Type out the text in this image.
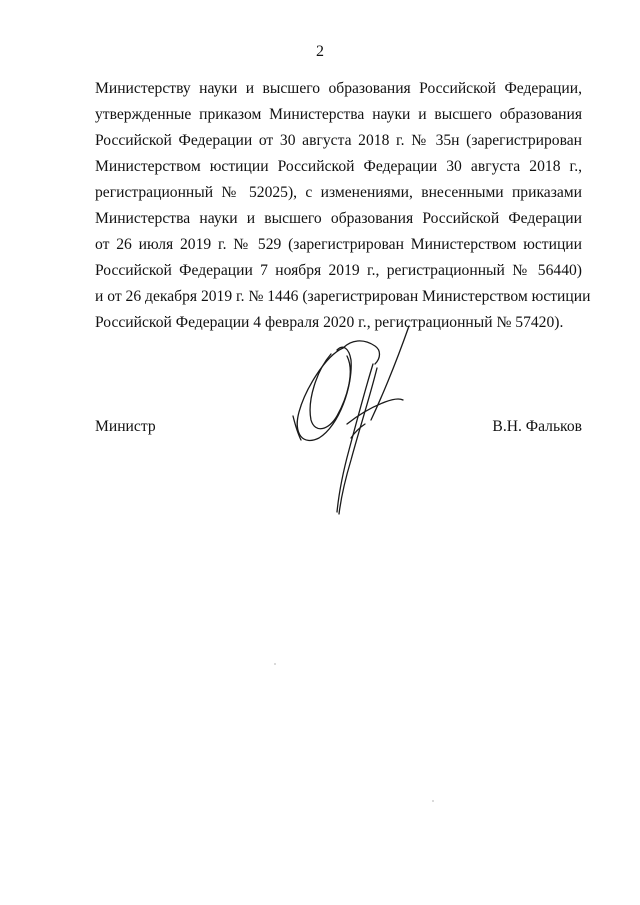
2
Министерству науки и высшего образования Российской Федерации,
утвержденные приказом Министерства науки и высшего образования
Российской Федерации от 30 августа 2018 г. № 35н (зарегистрирован
Министерством юстиции Российской Федерации 30 августа 2018 г.,
регистрационный № 52025), с изменениями, внесенными приказами
Министерства науки и высшего образования Российской Федерации
от 26 июля 2019 г. № 529 (зарегистрирован Министерством юстиции
Российской Федерации 7 ноября 2019 г., регистрационный № 56440)
и от 26 декабря 2019 г. № 1446 (зарегистрирован Министерством юстиции
Российской Федерации 4 февраля 2020 г., регистрационный № 57420).
Министр	В.Н. Фальков
